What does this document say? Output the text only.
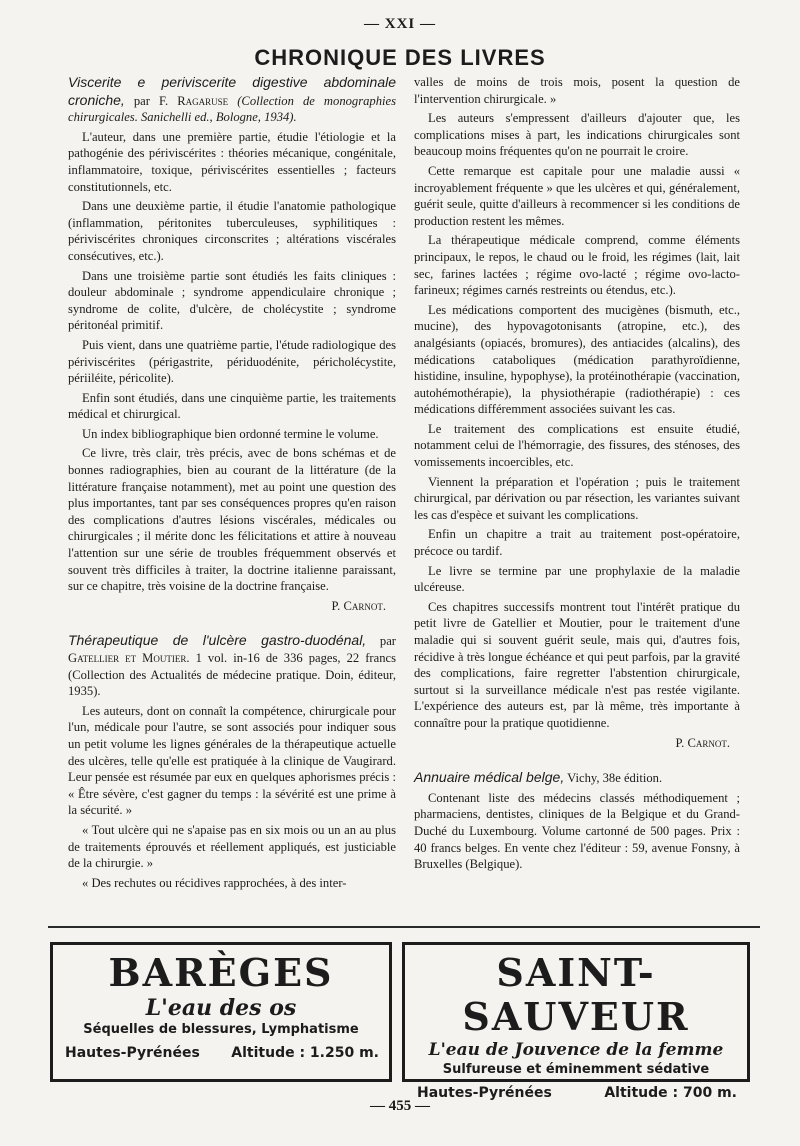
— XXI —
CHRONIQUE DES LIVRES

Viscerite e periviscerite digestive abdominale croniche, par F. Ragaruse (Collection de monographies chirurgicales. Sanichelli ed., Bologne, 1934).

L'auteur, dans une première partie, étudie l'étiologie et la pathogénie des périviscérites : théories mécanique, congénitale, inflammatoire, toxique, périviscérites essentielles ; facteurs constitutionnels, etc.

Dans une deuxième partie, il étudie l'anatomie pathologique (inflammation, péritonites tuberculeuses, syphilitiques : périviscérites chroniques circonscrites ; altérations viscérales consécutives, etc.).

Dans une troisième partie sont étudiés les faits cliniques : douleur abdominale ; syndrome appendiculaire chronique ; syndrome de colite, d'ulcère, de cholécystite ; syndrome péritonéal primitif.

Puis vient, dans une quatrième partie, l'étude radiologique des périviscérites (périgastrite, périduodénite, péricholécystite, périiléite, péricolite).

Enfin sont étudiés, dans une cinquième partie, les traitements médical et chirurgical.

Un index bibliographique bien ordonné termine le volume.

Ce livre, très clair, très précis, avec de bons schémas et de bonnes radiographies, bien au courant de la littérature (de la littérature française notamment), met au point une question des plus importantes, tant par ses conséquences propres qu'en raison des complications d'autres lésions viscérales, médicales ou chirurgicales ; il mérite donc les félicitations et attire à nouveau l'attention sur une série de troubles fréquemment observés et souvent très difficiles à traiter, la doctrine italienne paraissant, sur ce chapitre, très voisine de la doctrine française.

P. Carnot.

Thérapeutique de l'ulcère gastro-duodénal, par Gatellier et Moutier. 1 vol. in-16 de 336 pages, 22 francs (Collection des Actualités de médecine pratique. Doin, éditeur, 1935).

Les auteurs, dont on connaît la compétence, chirurgicale pour l'un, médicale pour l'autre, se sont associés pour indiquer sous un petit volume les lignes générales de la thérapeutique actuelle des ulcères, telle qu'elle est pratiquée à la clinique de Vaugirard. Leur pensée est résumée par eux en quelques aphorismes précis : « Être sévère, c'est gagner du temps : la sévérité est une prime à la sécurité. »

« Tout ulcère qui ne s'apaise pas en six mois ou un an au plus de traitements éprouvés et réellement appliqués, est justiciable de la chirurgie. »

« Des rechutes ou récidives rapprochées, à des inter-

valles de moins de trois mois, posent la question de l'intervention chirurgicale. »

Les auteurs s'empressent d'ailleurs d'ajouter que, les complications mises à part, les indications chirurgicales sont beaucoup moins fréquentes qu'on ne pourrait le croire.

Cette remarque est capitale pour une maladie aussi « incroyablement fréquente » que les ulcères et qui, généralement, guérit seule, quitte d'ailleurs à recommencer si les conditions de production restent les mêmes.

La thérapeutique médicale comprend, comme éléments principaux, le repos, le chaud ou le froid, les régimes (lait, lait sec, farines lactées ; régime ovo-lacté ; régime ovo-lacto-farineux; régimes carnés restreints ou étendus, etc.).

Les médications comportent des mucigènes (bismuth, etc., mucine), des hypovagotonisants (atropine, etc.), des analgésiants (opiacés, bromures), des antiacides (alcalins), des médications cataboliques (médication parathyroïdienne, histidine, insuline, hypophyse), la protéinothérapie (vaccination, autohémothérapie), la physiothérapie (radiothérapie) : ces médications différemment associées suivant les cas.

Le traitement des complications est ensuite étudié, notamment celui de l'hémorragie, des fissures, des sténoses, des vomissements incoercibles, etc.

Viennent la préparation et l'opération ; puis le traitement chirurgical, par dérivation ou par résection, les variantes suivant les cas d'espèce et suivant les complications.

Enfin un chapitre a trait au traitement post-opératoire, précoce ou tardif.

Le livre se termine par une prophylaxie de la maladie ulcéreuse.

Ces chapitres successifs montrent tout l'intérêt pratique du petit livre de Gatellier et Moutier, pour le traitement d'une maladie qui si souvent guérit seule, mais qui, d'autres fois, récidive à très longue échéance et qui peut parfois, par la gravité des complications, faire regretter l'abstention chirurgicale, surtout si la surveillance médicale n'est pas restée vigilante. L'expérience des auteurs est, par là même, très importante à connaître pour la pratique quotidienne.

P. Carnot.

Annuaire médical belge, Vichy, 38e édition.

Contenant liste des médecins classés méthodiquement ; pharmaciens, dentistes, cliniques de la Belgique et du Grand-Duché du Luxembourg. Volume cartonné de 500 pages. Prix : 40 francs belges. En vente chez l'éditeur : 59, avenue Fonsny, à Bruxelles (Belgique).

BARÈGES
L'eau des os
Séquelles de blessures, Lymphatisme
Hautes-Pyrénées Altitude : 1.250 m.
SAINT-SAUVEUR
L'eau de Jouvence de la femme
Sulfureuse et éminemment sédative
Hautes-Pyrénées	Altitude : 700 m.
— 455 —
